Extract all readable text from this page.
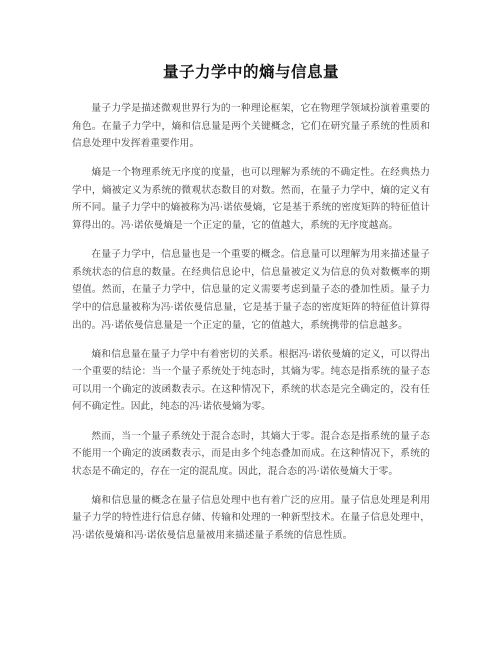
量子力学中的熵与信息量

量子力学是描述微观世界行为的一种理论框架，它在物理学领域扮演着重要的角色。在量子力学中，熵和信息量是两个关键概念，它们在研究量子系统的性质和信息处理中发挥着重要作用。

熵是一个物理系统无序度的度量，也可以理解为系统的不确定性。在经典热力学中，熵被定义为系统的微观状态数目的对数。然而，在量子力学中，熵的定义有所不同。量子力学中的熵被称为冯·诺依曼熵，它是基于系统的密度矩阵的特征值计算得出的。冯·诺依曼熵是一个正定的量，它的值越大，系统的无序度越高。

在量子力学中，信息量也是一个重要的概念。信息量可以理解为用来描述量子系统状态的信息的数量。在经典信息论中，信息量被定义为信息的负对数概率的期望值。然而，在量子力学中，信息量的定义需要考虑到量子态的叠加性质。量子力学中的信息量被称为冯·诺依曼信息量，它是基于量子态的密度矩阵的特征值计算得出的。冯·诺依曼信息量是一个正定的量，它的值越大，系统携带的信息越多。

熵和信息量在量子力学中有着密切的关系。根据冯·诺依曼熵的定义，可以得出一个重要的结论：当一个量子系统处于纯态时，其熵为零。纯态是指系统的量子态可以用一个确定的波函数表示。在这种情况下，系统的状态是完全确定的，没有任何不确定性。因此，纯态的冯·诺依曼熵为零。

然而，当一个量子系统处于混合态时，其熵大于零。混合态是指系统的量子态不能用一个确定的波函数表示，而是由多个纯态叠加而成。在这种情况下，系统的状态是不确定的，存在一定的混乱度。因此，混合态的冯·诺依曼熵大于零。

熵和信息量的概念在量子信息处理中也有着广泛的应用。量子信息处理是利用量子力学的特性进行信息存储、传输和处理的一种新型技术。在量子信息处理中，冯·诺依曼熵和冯·诺依曼信息量被用来描述量子系统的信息性质。
